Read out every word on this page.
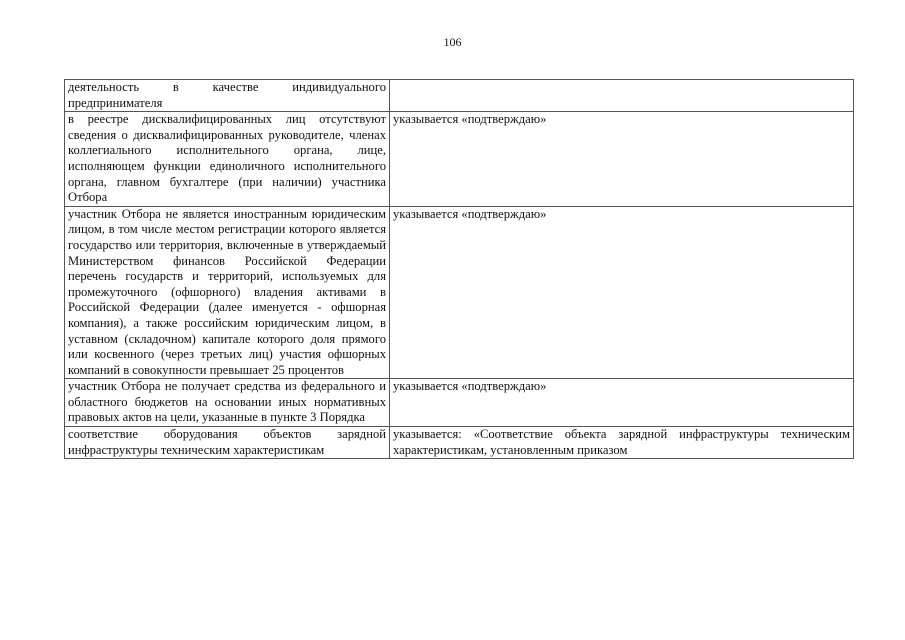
106
деятельность в качестве индивидуального предпринимателя	

в реестре дисквалифицированных лиц отсутствуют сведения о дисквалифицированных руководителе, членах коллегиального исполнительного органа, лице, исполняющем функции единоличного исполнительного органа, главном бухгалтере (при наличии) участника Отбора	указывается «подтверждаю»

участник Отбора не является иностранным юридическим лицом, в том числе местом регистрации которого является государство или территория, включенные в утверждаемый Министерством финансов Российской Федерации перечень государств и территорий, используемых для промежуточного (офшорного) владения активами в Российской Федерации (далее именуется - офшорная компания), а также российским юридическим лицом, в уставном (складочном) капитале которого доля прямого или косвенного (через третьих лиц) участия офшорных компаний в совокупности превышает 25 процентов	указывается «подтверждаю»

участник Отбора не получает средства из федерального и областного бюджетов на основании иных нормативных правовых актов на цели, указанные в пункте 3 Порядка	указывается «подтверждаю»

соответствие оборудования объектов зарядной инфраструктуры техническим характеристикам	указывается: «Соответствие объекта зарядной инфраструктуры техническим характеристикам, установленным приказом
